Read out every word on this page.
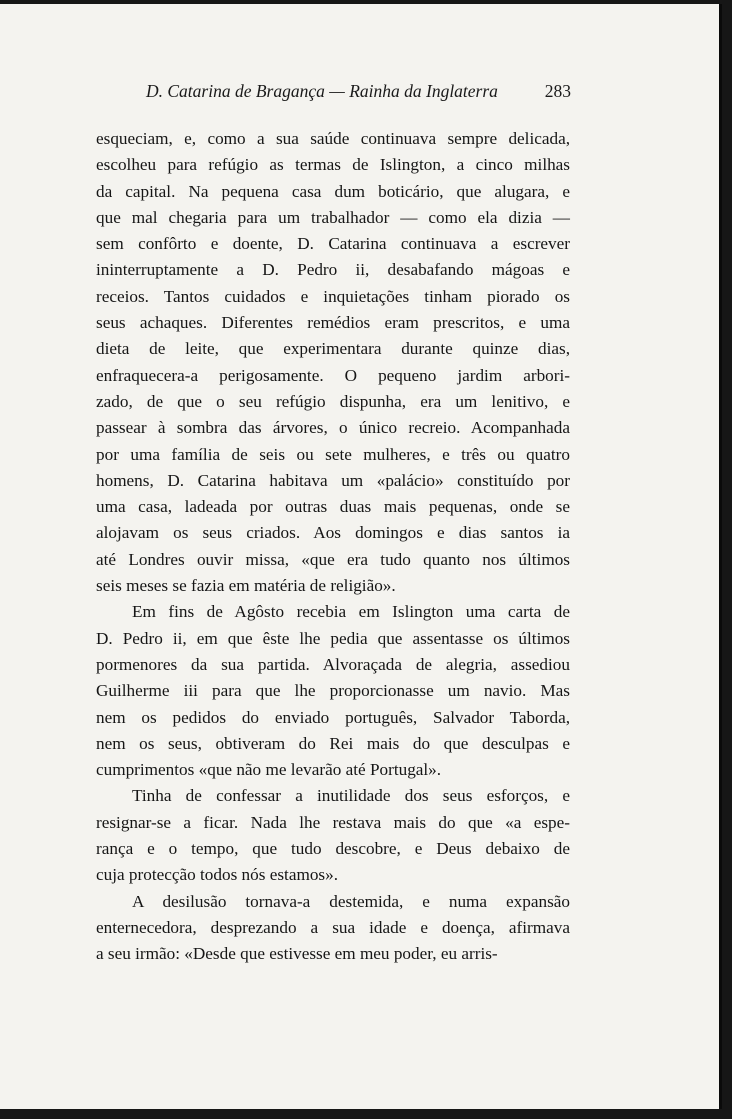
D. Catarina de Bragança — Rainha da Inglaterra	283
esqueciam, e, como a sua saúde continuava sempre delicada,
escolheu para refúgio as termas de Islington, a cinco milhas
da capital. Na pequena casa dum boticário, que alugara, e
que mal chegaria para um trabalhador — como ela dizia —
sem confôrto e doente, D. Catarina continuava a escrever
ininterruptamente a D. Pedro ii, desabafando mágoas e
receios. Tantos cuidados e inquietações tinham piorado os
seus achaques. Diferentes remédios eram prescritos, e uma
dieta de leite, que experimentara durante quinze dias,
enfraquecera-a perigosamente. O pequeno jardim arbori-
zado, de que o seu refúgio dispunha, era um lenitivo, e
passear à sombra das árvores, o único recreio. Acompanhada
por uma família de seis ou sete mulheres, e três ou quatro
homens, D. Catarina habitava um «palácio» constituído por
uma casa, ladeada por outras duas mais pequenas, onde se
alojavam os seus criados. Aos domingos e dias santos ia
até Londres ouvir missa, «que era tudo quanto nos últimos
seis meses se fazia em matéria de religião».
Em fins de Agôsto recebia em Islington uma carta de
D. Pedro ii, em que êste lhe pedia que assentasse os últimos
pormenores da sua partida. Alvoraçada de alegria, assediou
Guilherme iii para que lhe proporcionasse um navio. Mas
nem os pedidos do enviado português, Salvador Taborda,
nem os seus, obtiveram do Rei mais do que desculpas e
cumprimentos «que não me levarão até Portugal».
Tinha de confessar a inutilidade dos seus esforços, e
resignar-se a ficar. Nada lhe restava mais do que «a espe-
rança e o tempo, que tudo descobre, e Deus debaixo de
cuja protecção todos nós estamos».
A desilusão tornava-a destemida, e numa expansão
enternecedora, desprezando a sua idade e doença, afirmava
a seu irmão: «Desde que estivesse em meu poder, eu arris-
